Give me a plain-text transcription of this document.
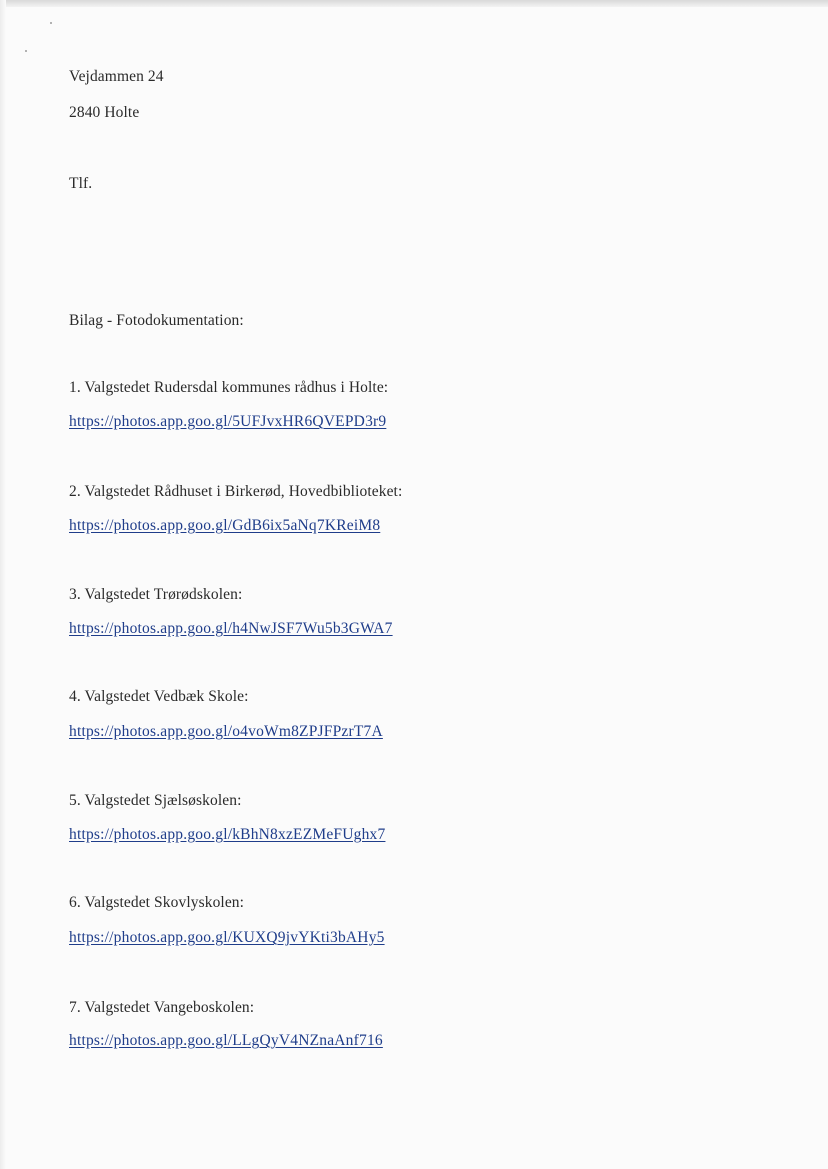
Vejdammen 24
2840 Holte
Tlf.
Bilag - Fotodokumentation:
1. Valgstedet Rudersdal kommunes rådhus i Holte:
https://photos.app.goo.gl/5UFJvxHR6QVEPD3r9
2. Valgstedet Rådhuset i Birkerød, Hovedbiblioteket:
https://photos.app.goo.gl/GdB6ix5aNq7KReiM8
3. Valgstedet Trørødskolen:
https://photos.app.goo.gl/h4NwJSF7Wu5b3GWA7
4. Valgstedet Vedbæk Skole:
https://photos.app.goo.gl/o4voWm8ZPJFPzrT7A
5. Valgstedet Sjælsøskolen:
https://photos.app.goo.gl/kBhN8xzEZMeFUghx7
6. Valgstedet Skovlyskolen:
https://photos.app.goo.gl/KUXQ9jvYKti3bAHy5
7. Valgstedet Vangeboskolen:
https://photos.app.goo.gl/LLgQyV4NZnaAnf716
